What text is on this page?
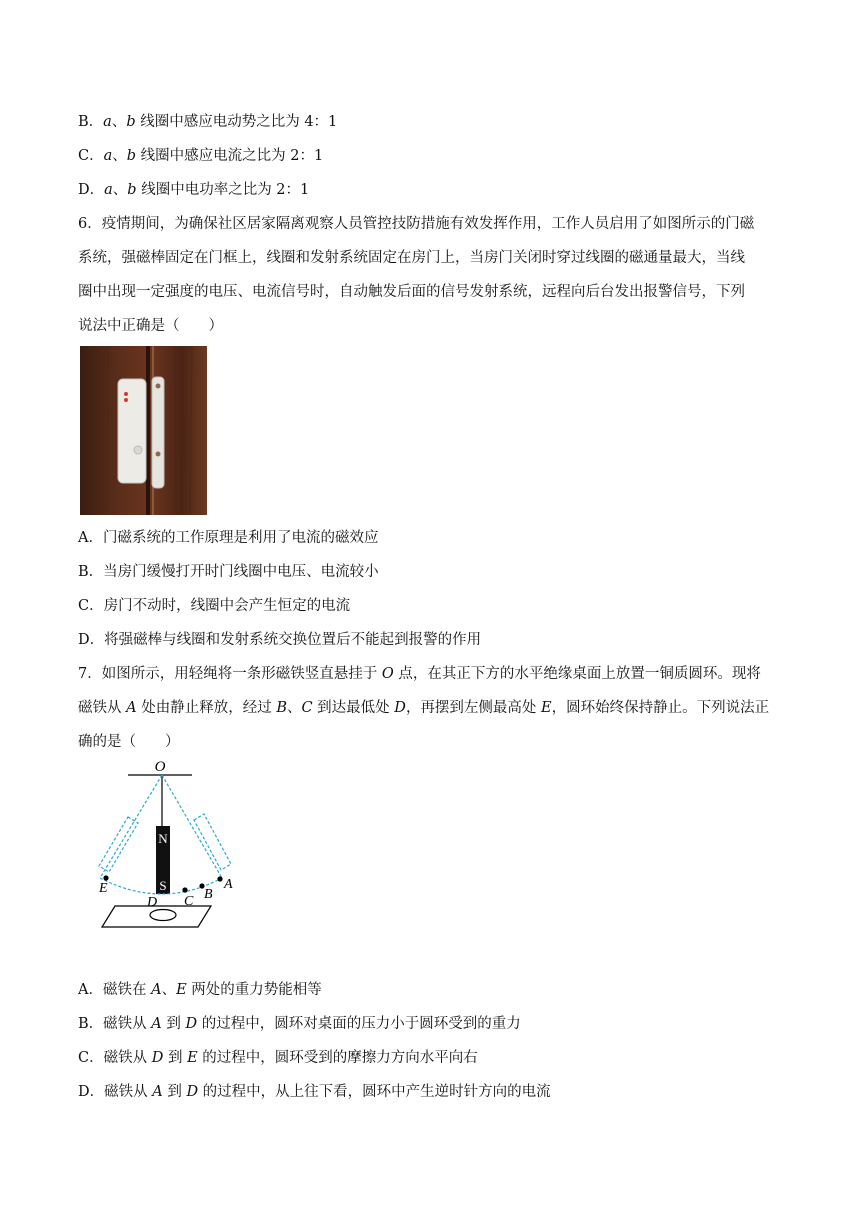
B．a、b 线圈中感应电动势之比为 4：1
C．a、b 线圈中感应电流之比为 2：1
D．a、b 线圈中电功率之比为 2：1
6．疫情期间，为确保社区居家隔离观察人员管控技防措施有效发挥作用，工作人员启用了如图所示的门磁
系统，强磁棒固定在门框上，线圈和发射系统固定在房门上，当房门关闭时穿过线圈的磁通量最大，当线
圈中出现一定强度的电压、电流信号时，自动触发后面的信号发射系统，远程向后台发出报警信号，下列
说法中正确是（　　）
A．门磁系统的工作原理是利用了电流的磁效应
B．当房门缓慢打开时门线圈中电压、电流较小
C．房门不动时，线圈中会产生恒定的电流
D．将强磁棒与线圈和发射系统交换位置后不能起到报警的作用
7．如图所示，用轻绳将一条形磁铁竖直悬挂于 O 点，在其正下方的水平绝缘桌面上放置一铜质圆环。现将
磁铁从 A 处由静止释放，经过 B、C 到达最低处 D，再摆到左侧最高处 E，圆环始终保持静止。下列说法正
确的是（　　）
O
N
S
E	A
B
C
D
A．磁铁在 A、E 两处的重力势能相等
B．磁铁从 A 到 D 的过程中，圆环对桌面的压力小于圆环受到的重力
C．磁铁从 D 到 E 的过程中，圆环受到的摩擦力方向水平向右
D．磁铁从 A 到 D 的过程中，从上往下看，圆环中产生逆时针方向的电流
